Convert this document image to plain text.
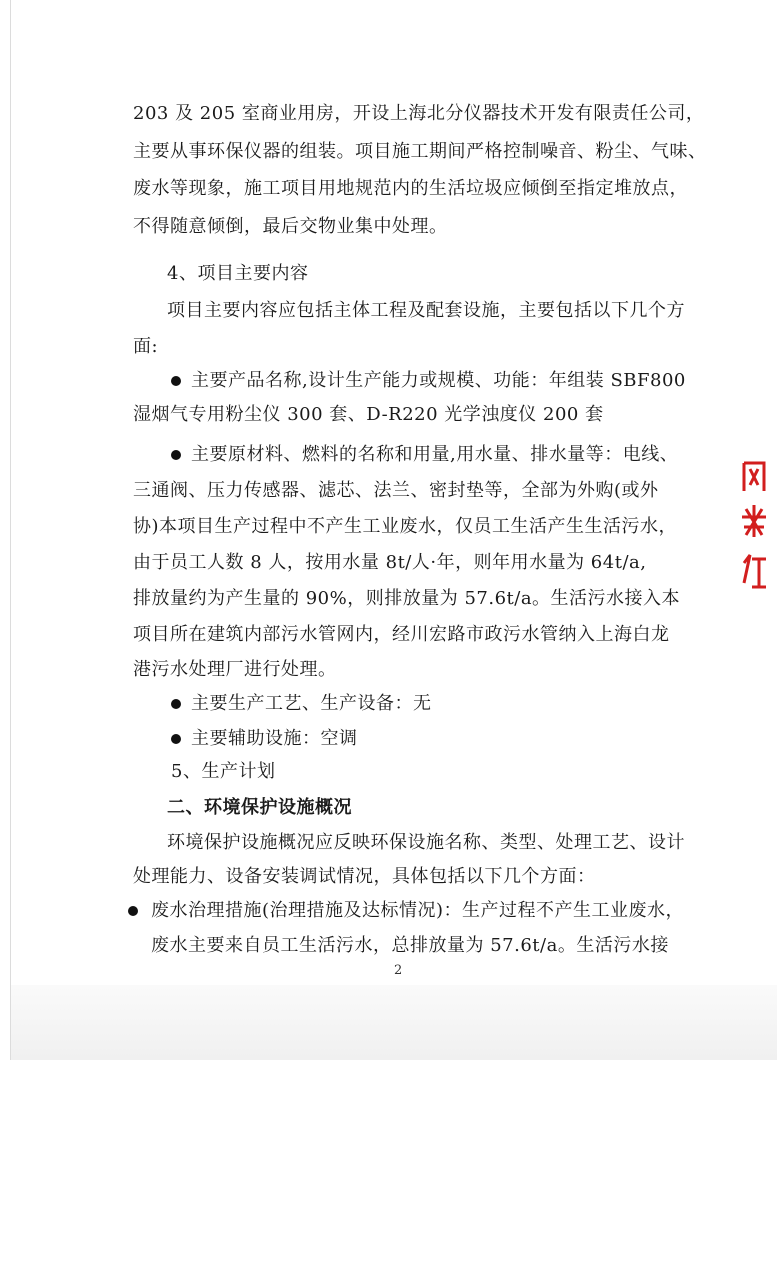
203 及 205 室商业用房，开设上海北分仪器技术开发有限责任公司，
主要从事环保仪器的组装。项目施工期间严格控制噪音、粉尘、气味、
废水等现象，施工项目用地规范内的生活垃圾应倾倒至指定堆放点，
不得随意倾倒，最后交物业集中处理。
4、项目主要内容
项目主要内容应包括主体工程及配套设施，主要包括以下几个方
面:
主要产品名称,设计生产能力或规模、功能：年组装 SBF800
湿烟气专用粉尘仪 300 套、D-R220 光学浊度仪 200 套
主要原材料、燃料的名称和用量,用水量、排水量等：电线、
三通阀、压力传感器、滤芯、法兰、密封垫等，全部为外购(或外
协)本项目生产过程中不产生工业废水，仅员工生活产生生活污水，
由于员工人数 8 人，按用水量 8t/人·年，则年用水量为 64t/a,
排放量约为产生量的 90%，则排放量为 57.6t/a。生活污水接入本
项目所在建筑内部污水管网内，经川宏路市政污水管纳入上海白龙
港污水处理厂进行处理。
主要生产工艺、生产设备：无
主要辅助设施：空调
5、生产计划
二、环境保护设施概况
环境保护设施概况应反映环保设施名称、类型、处理工艺、设计
处理能力、设备安装调试情况，具体包括以下几个方面：
废水治理措施(治理措施及达标情况)：生产过程不产生工业废水，
废水主要来自员工生活污水，总排放量为 57.6t/a。生活污水接
2
